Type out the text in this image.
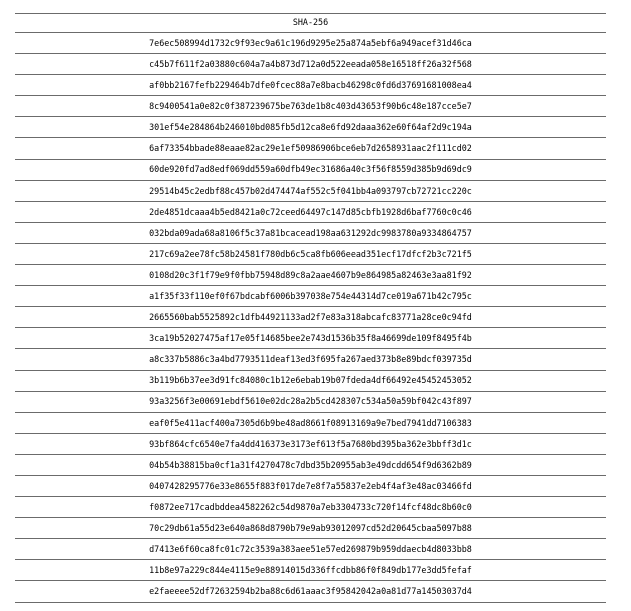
SHA-256
7e6ec508994d1732c9f93ec9a61c196d9295e25a874a5ebf6a949acef31d46ca
c45b7f611f2a03880c604a7a4b873d712a0d522eeada058e16518ff26a32f568
af0bb2167fefb229464b7dfe0fcec88a7e8bacb46298c0fd6d37691681008ea4
8c9400541a0e82c0f387239675be763de1b8c403d43653f90b6c48e187cce5e7
301ef54e284864b246010bd085fb5d12ca8e6fd92daaa362e60f64af2d9c194a
6af73354bbade88eaae82ac29e1ef50986906bce6eb7d2658931aac2f111cd02
60de920fd7ad8edf069dd559a60dfb49ec31686a40c3f56f8559d385b9d69dc9
29514b45c2edbf88c457b02d474474af552c5f041bb4a093797cb72721cc220c
2de4851dcaaa4b5ed8421a0c72ceed64497c147d85cbfb1928d6baf7760c0c46
032bda09ada68a8106f5c37a81bcacead198aa631292dc9983780a9334864757
217c69a2ee78fc58b24581f780db6c5ca8fb606eead351ecf17dfcf2b3c721f5
0108d20c3f1f79e9f0fbb75948d89c8a2aae4607b9e864985a82463e3aa81f92
a1f35f33f110ef0f67bdcabf6006b397038e754e44314d7ce019a671b42c795c
2665560bab5525892c1dfb44921133ad2f7e83a318abcafc83771a28ce0c94fd
3ca19b52027475af17e05f14685bee2e743d1536b35f8a46699de109f8495f4b
a8c337b5886c3a4bd7793511deaf13ed3f695fa267aed373b8e89bdcf039735d
3b119b6b37ee3d91fc84080c1b12e6ebab19b07fdeda4df66492e45452453052
93a3256f3e00691ebdf5610e02dc28a2b5cd428307c534a50a59bf042c43f897
eaf0f5e411acf400a7305d6b9be48ad8661f08913169a9e7bed7941dd7106383
93bf864cfc6540e7fa4dd416373e3173ef613f5a7680bd395ba362e3bbff3d1c
04b54b38815ba0cf1a31f4270478c7dbd35b20955ab3e49dcdd654f9d6362b89
0407428295776e33e8655f883f017de7e8f7a55837e2eb4f4af3e48ac03466fd
f0872ee717cadbddea4582262c54d9870a7eb3304733c720f14fcf48dc8b60c0
70c29db61a55d23e640a868d8790b79e9ab93012097cd52d20645cbaa5097b88
d7413e6f60ca8fc01c72c3539a383aee51e57ed269879b959ddaecb4d8033bb8
11b8e97a229c844e4115e9e88914015d336ffcdbb86f0f849db177e3dd5fefaf
e2faeeee52df72632594b2ba88c6d61aaac3f95842042a0a81d77a14503037d4
